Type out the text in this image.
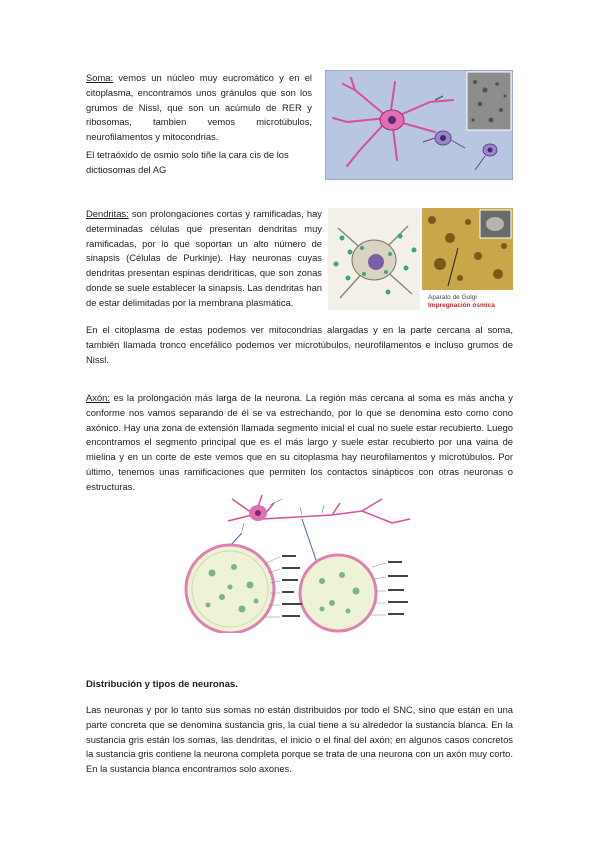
Soma: vemos un núcleo muy eucromático y en el citoplasma, encontramos unos gránulos que son los grumos de Nissl, que son un acúmulo de RER y ribosomas, tambien vemos microtúbulos, neurofilamentos y mitocondrias.

El tetraóxido de osmio solo tiñe la cara cis de los dictiosomas del AG

Dendritas: son prolongaciones cortas y ramificadas, hay determinadas células que presentan dendritas muy ramificadas, por lo que soportan un alto número de sinapsis (Células de Purkinje). Hay neuronas cuyas dendritas presentan espinas dendríticas, que son zonas donde se suele establecer la sinapsis. Las dendritas han de estar delimitadas por la membrana plasmática.	Aparato de Golgi
Impregnación ósmica

En el citoplasma de estas podemos ver mitocondrias alargadas y en la parte cercana al soma, también llamada tronco encefálico podemos ver microtúbulos, neurofilamentos e incluso grumos de Nissl.

Axón: es la prolongación más larga de la neurona. La región más cercana al soma es más ancha y conforme nos vamos separando de él se va estrechando, por lo que se denomina esto como cono axónico. Hay una zona de extensión llamada segmento inicial el cual no suele estar recubierto. Luego encontramos el segmento principal que es el más largo y suele estar recubierto por una vaina de mielina y en un corte de este vemos que en su citoplasma hay neurofilamentos y microtúbulos. Por último, tenemos unas ramificaciones que permiten los contactos sinápticos con otras neuronas o estructuras.

Distribución y tipos de neuronas.

Las neuronas y por lo tanto sus somas no están distribuidos por todo el SNC, sino que están en una parte concreta que se denomina sustancia gris, la cual tiene a su alrededor la sustancia blanca. En la sustancia gris están los somas, las dendritas, el inicio o el final del axón; en algunos casos concretos la sustancia gris contiene la neurona completa porque se trata de una neurona con un axón muy corto. En la sustancia blanca encontramos solo axones.
